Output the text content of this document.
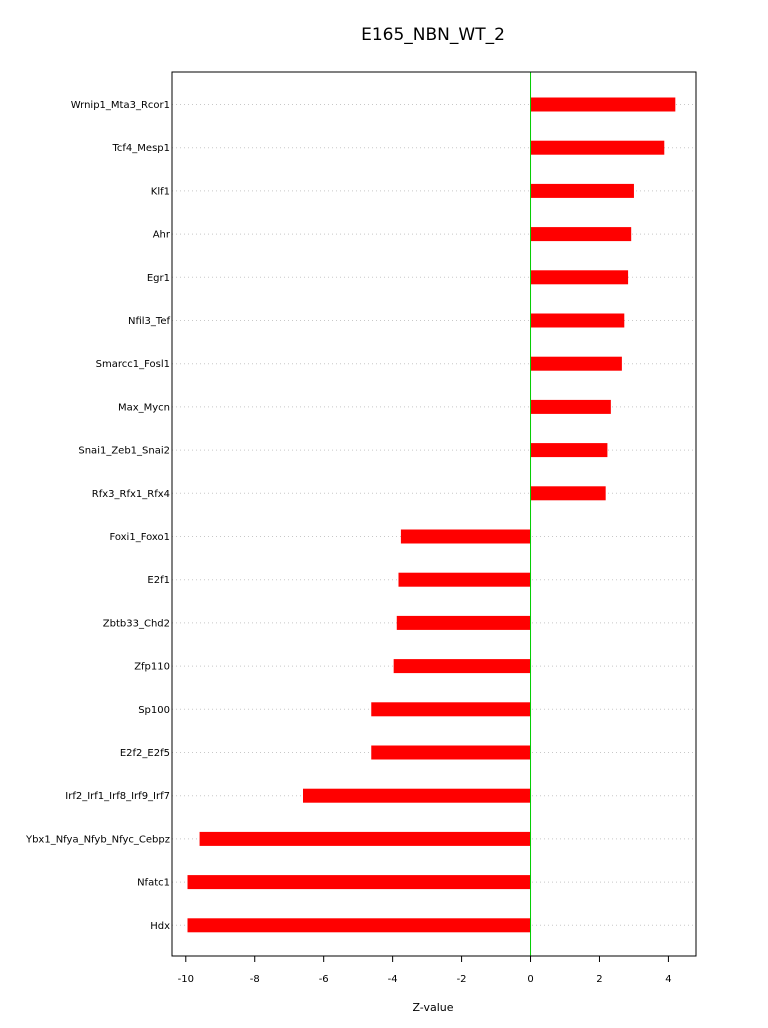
E165_NBN_WT_2
Wrnip1_Mta3_Rcor1
Tcf4_Mesp1
Klf1
Ahr
Egr1
Nfil3_Tef
Smarcc1_Fosl1
Max_Mycn
Snai1_Zeb1_Snai2
Rfx3_Rfx1_Rfx4
Foxi1_Foxo1
E2f1
Zbtb33_Chd2
Zfp110
Sp100
E2f2_E2f5
Irf2_Irf1_Irf8_Irf9_Irf7
Ybx1_Nfya_Nfyb_Nfyc_Cebpz
Nfatc1
Hdx
-10	-8	-6	-4	-2	0	2	4
Z-value
